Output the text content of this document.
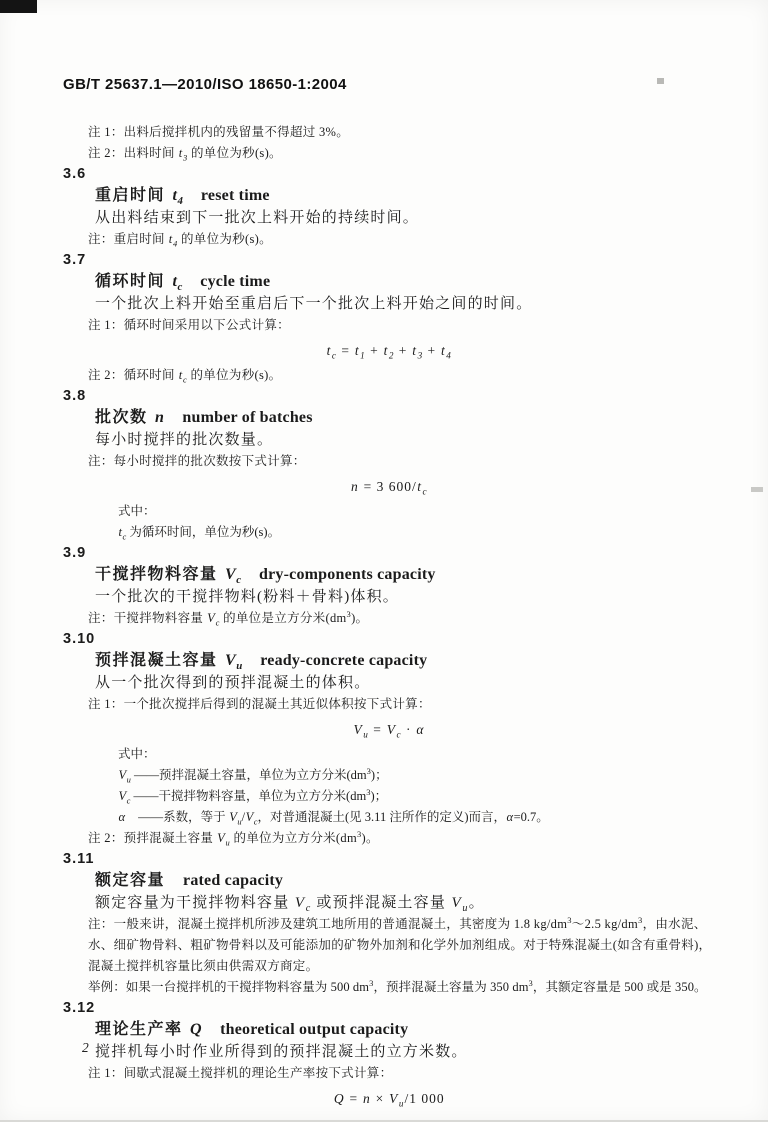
GB/T 25637.1—2010/ISO 18650-1:2004
注 1：出料后搅拌机内的残留量不得超过 3%。
注 2：出料时间 $t_3$ 的单位为秒(s)。
3.6
重启时间 $t_4$ reset time
从出料结束到下一批次上料开始的持续时间。
注：重启时间 $t_4$ 的单位为秒(s)。
3.7
循环时间 $t_c$ cycle time
一个批次上料开始至重启后下一个批次上料开始之间的时间。
注 1：循环时间采用以下公式计算：
$t_c = t_1 + t_2 + t_3 + t_4$
注 2：循环时间 $t_c$ 的单位为秒(s)。
3.8
批次数 n number of batches
每小时搅拌的批次数量。
注：每小时搅拌的批次数按下式计算：
n = 3 $600/t_c$
式中：
$t_c$ 为循环时间，单位为秒(s)。
3.9
干搅拌物料容量 $V_c$ dry-components capacity
一个批次的干搅拌物料(粉料＋骨料)体积。
注：干搅拌物料容量 $V_c$ 的单位是立方分米$(dm^3)$。
3.10
预拌混凝土容量 $V_u$ ready-concrete capacity
从一个批次得到的预拌混凝土的体积。
注 1：一个批次搅拌后得到的混凝土其近似体积按下式计算：
$V_u = V_c \cdot \alpha$
式中：
$V_u$ ——预拌混凝土容量，单位为立方分米$(dm^3)$；
$V_c$ ——干搅拌物料容量，单位为立方分米$(dm^3)$；
α　——系数，等于 $V_u/V_c$，对普通混凝土(见 3.11 注所作的定义)而言，α=0.7。
注 2：预拌混凝土容量 $V_u$ 的单位为立方分米$(dm^3)$。
3.11
额定容量 rated capacity
额定容量为干搅拌物料容量 $V_c$ 或预拌混凝土容量 $V_u$。
注：一般来讲，混凝土搅拌机所涉及建筑工地所用的普通混凝土，其密度为 1.8 $kg/dm^3\sim 2.5$ $kg/dm^3$，由水泥、水、细矿物骨料、粗矿物骨料以及可能添加的矿物外加剂和化学外加剂组成。对于特殊混凝土(如含有重骨料)，混凝土搅拌机容量比须由供需双方商定。
举例：如果一台搅拌机的干搅拌物料容量为 500 $dm^3$，预拌混凝土容量为 350 $dm^3$，其额定容量是 500 或是 350。
3.12
理论生产率 Q theoretical output capacity
搅拌机每小时作业所得到的预拌混凝土的立方米数。
注 1：间歇式混凝土搅拌机的理论生产率按下式计算：
$Q = n \times V_u/1$ 000
2
